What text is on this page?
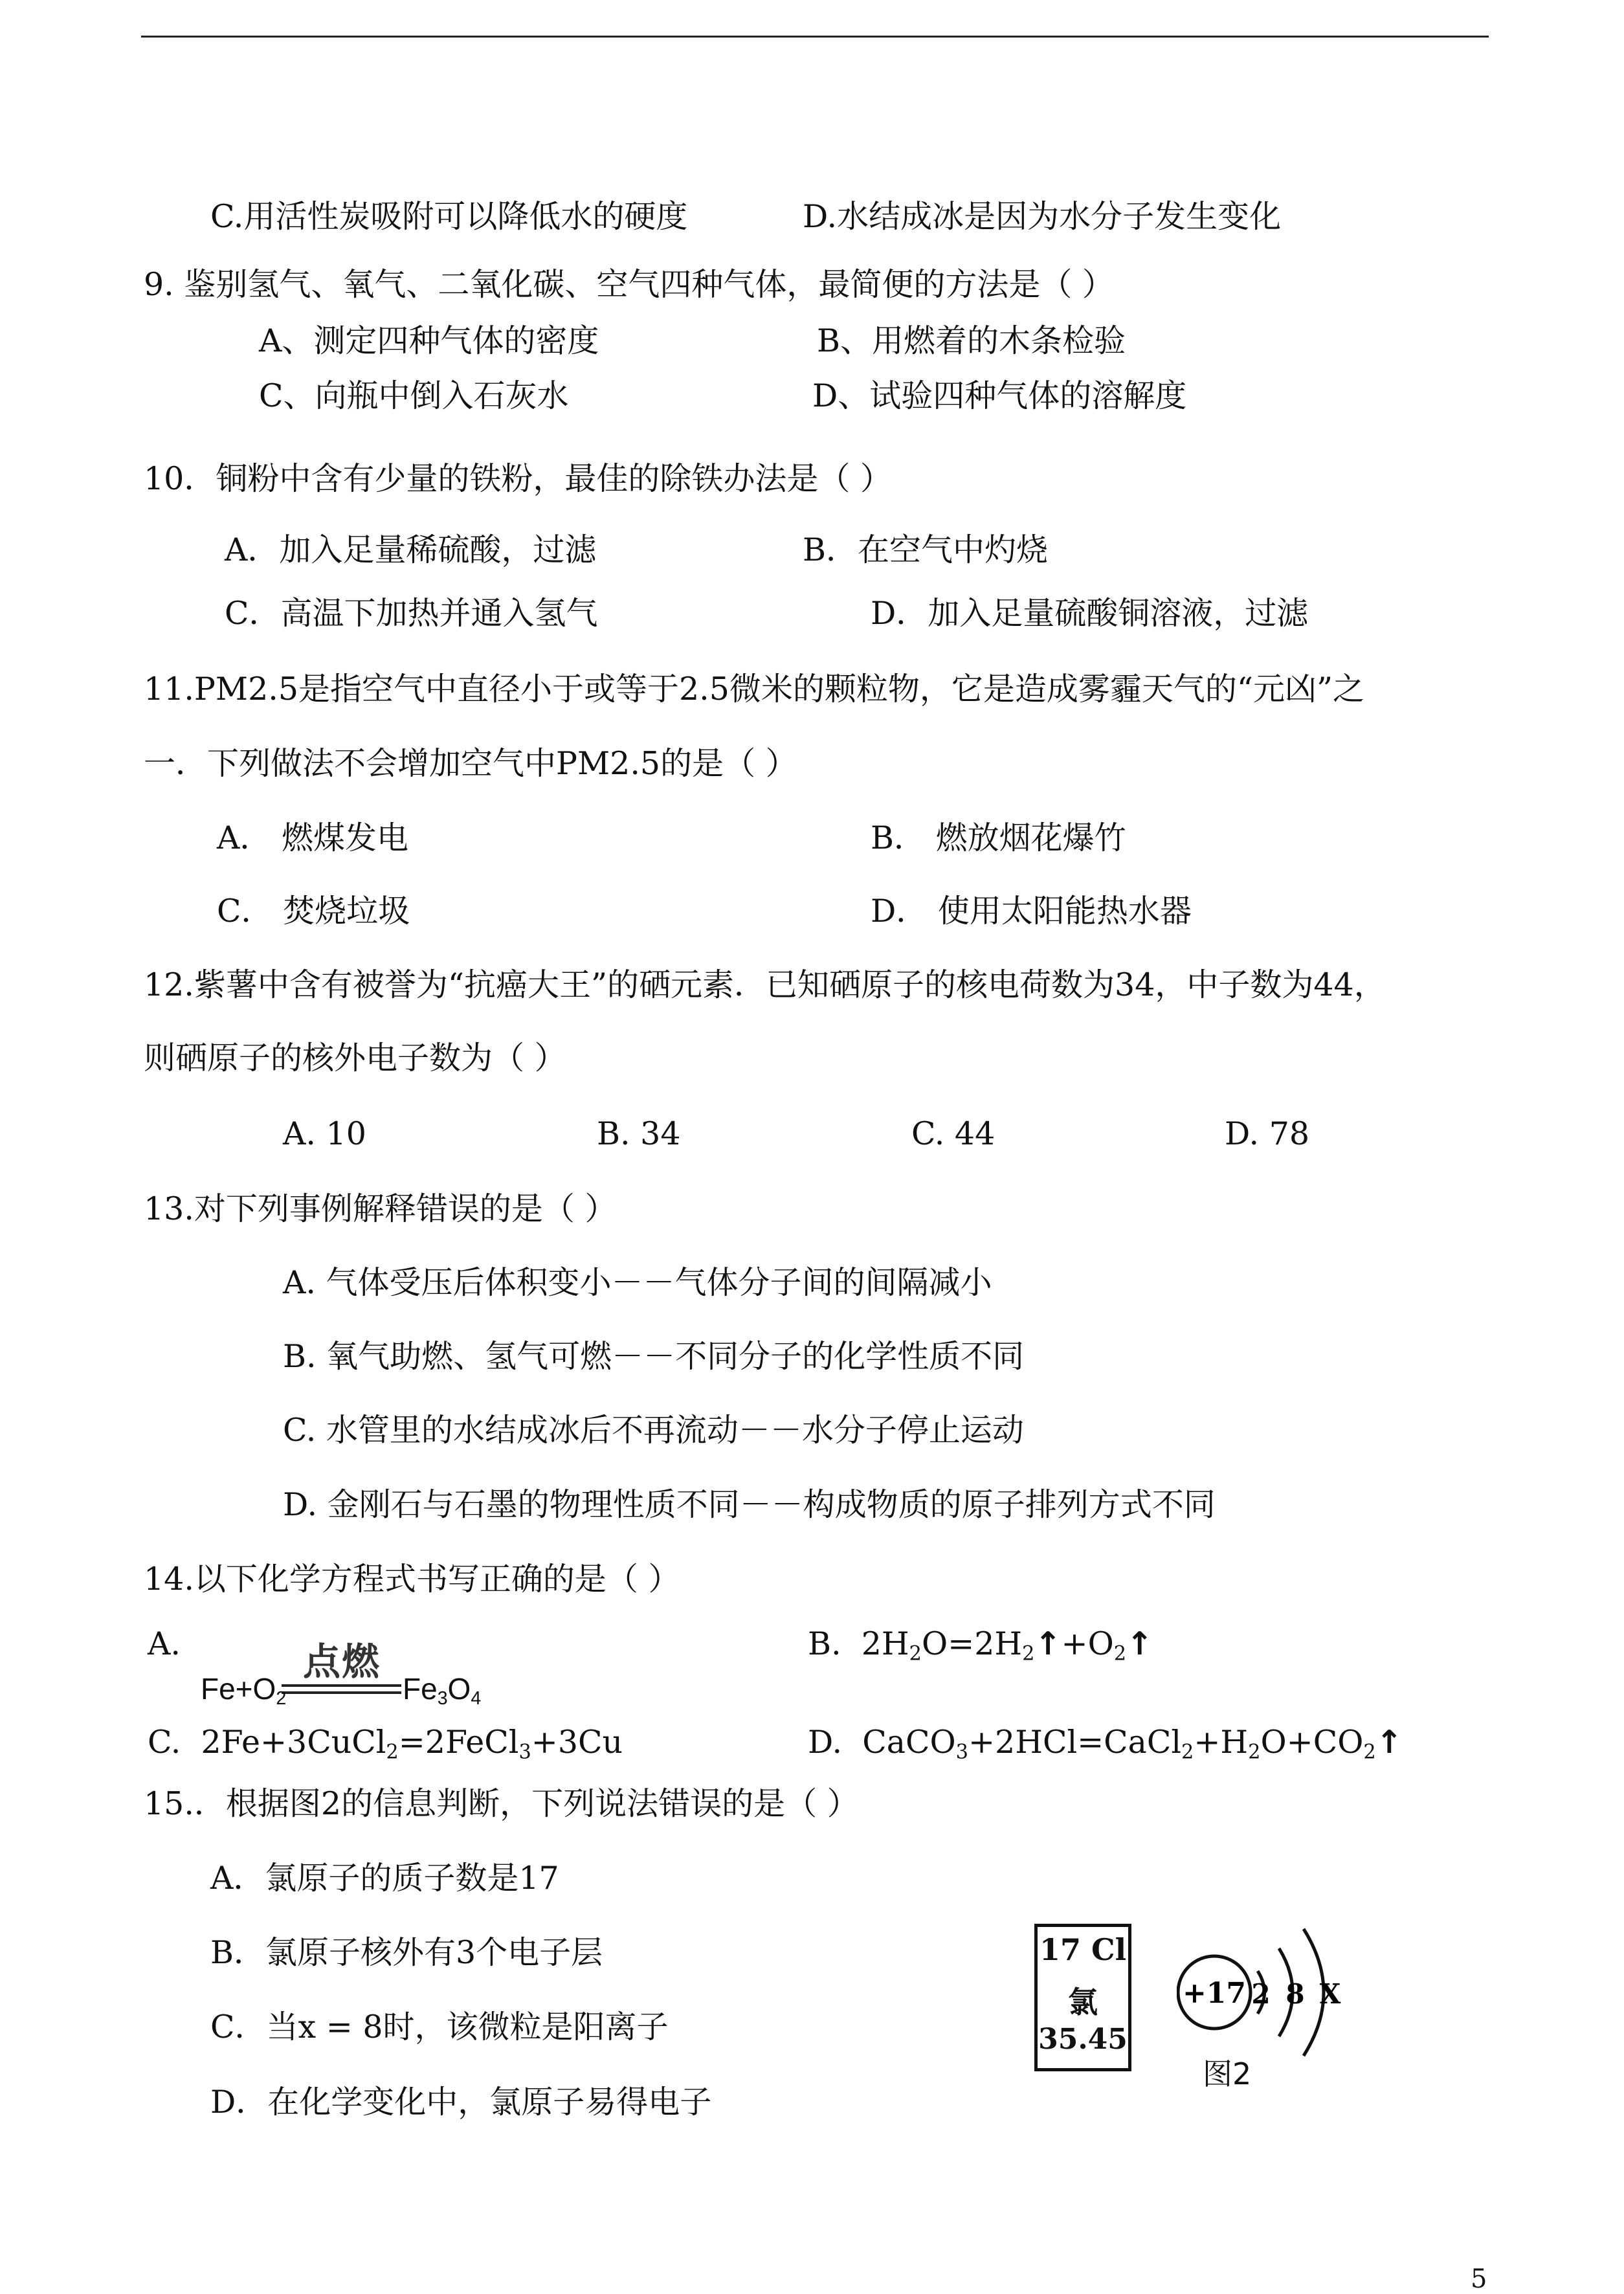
C.用活性炭吸附可以降低水的硬度	D.水结成冰是因为水分子发生变化
9. 鉴别氢气、氧气、二氧化碳、空气四种气体，最简便的方法是（ ）
A、测定四种气体的密度	B、用燃着的木条检验
C、向瓶中倒入石灰水	D、试验四种气体的溶解度
10．铜粉中含有少量的铁粉，最佳的除铁办法是（ ）
A．加入足量稀硫酸，过滤	B．在空气中灼烧
C．高温下加热并通入氢气	D．加入足量硫酸铜溶液，过滤
11.PM2.5是指空气中直径小于或等于2.5微米的颗粒物，它是造成雾霾天气的“元凶”之
一．下列做法不会增加空气中PM2.5的是（ ）
A． 燃煤发电	B． 燃放烟花爆竹
C． 焚烧垃圾	D． 使用太阳能热水器
12.紫薯中含有被誉为“抗癌大王”的硒元素．已知硒原子的核电荷数为34，中子数为44，
则硒原子的核外电子数为（ ）
A. 10	B. 34	C. 44	D. 78
13.对下列事例解释错误的是（ ）
A. 气体受压后体积变小－－气体分子间的间隔减小
B. 氧气助燃、氢气可燃－－不同分子的化学性质不同
C. 水管里的水结成冰后不再流动－－水分子停止运动
D. 金刚石与石墨的物理性质不同－－构成物质的原子排列方式不同
14.以下化学方程式书写正确的是（ ）
A.	点燃
$Fe+O_2$	$Fe_3O_4$
B. $2H_2O=2H_2↑+O_2↑$
C. 2Fe+3CuCl$_2$=2FeCl$_3$+3Cu	D. $CaCO_3+2HCl=CaCl_2+H_2O+CO_2↑$
15.．根据图2的信息判断，下列说法错误的是（ ）
A．氯原子的质子数是17
B．氯原子核外有3个电子层
C．当x = 8时，该微粒是阳离子
D．在化学变化中，氯原子易得电子
17 Cl
氯
35.45
+17 2 8 X
图2
5
